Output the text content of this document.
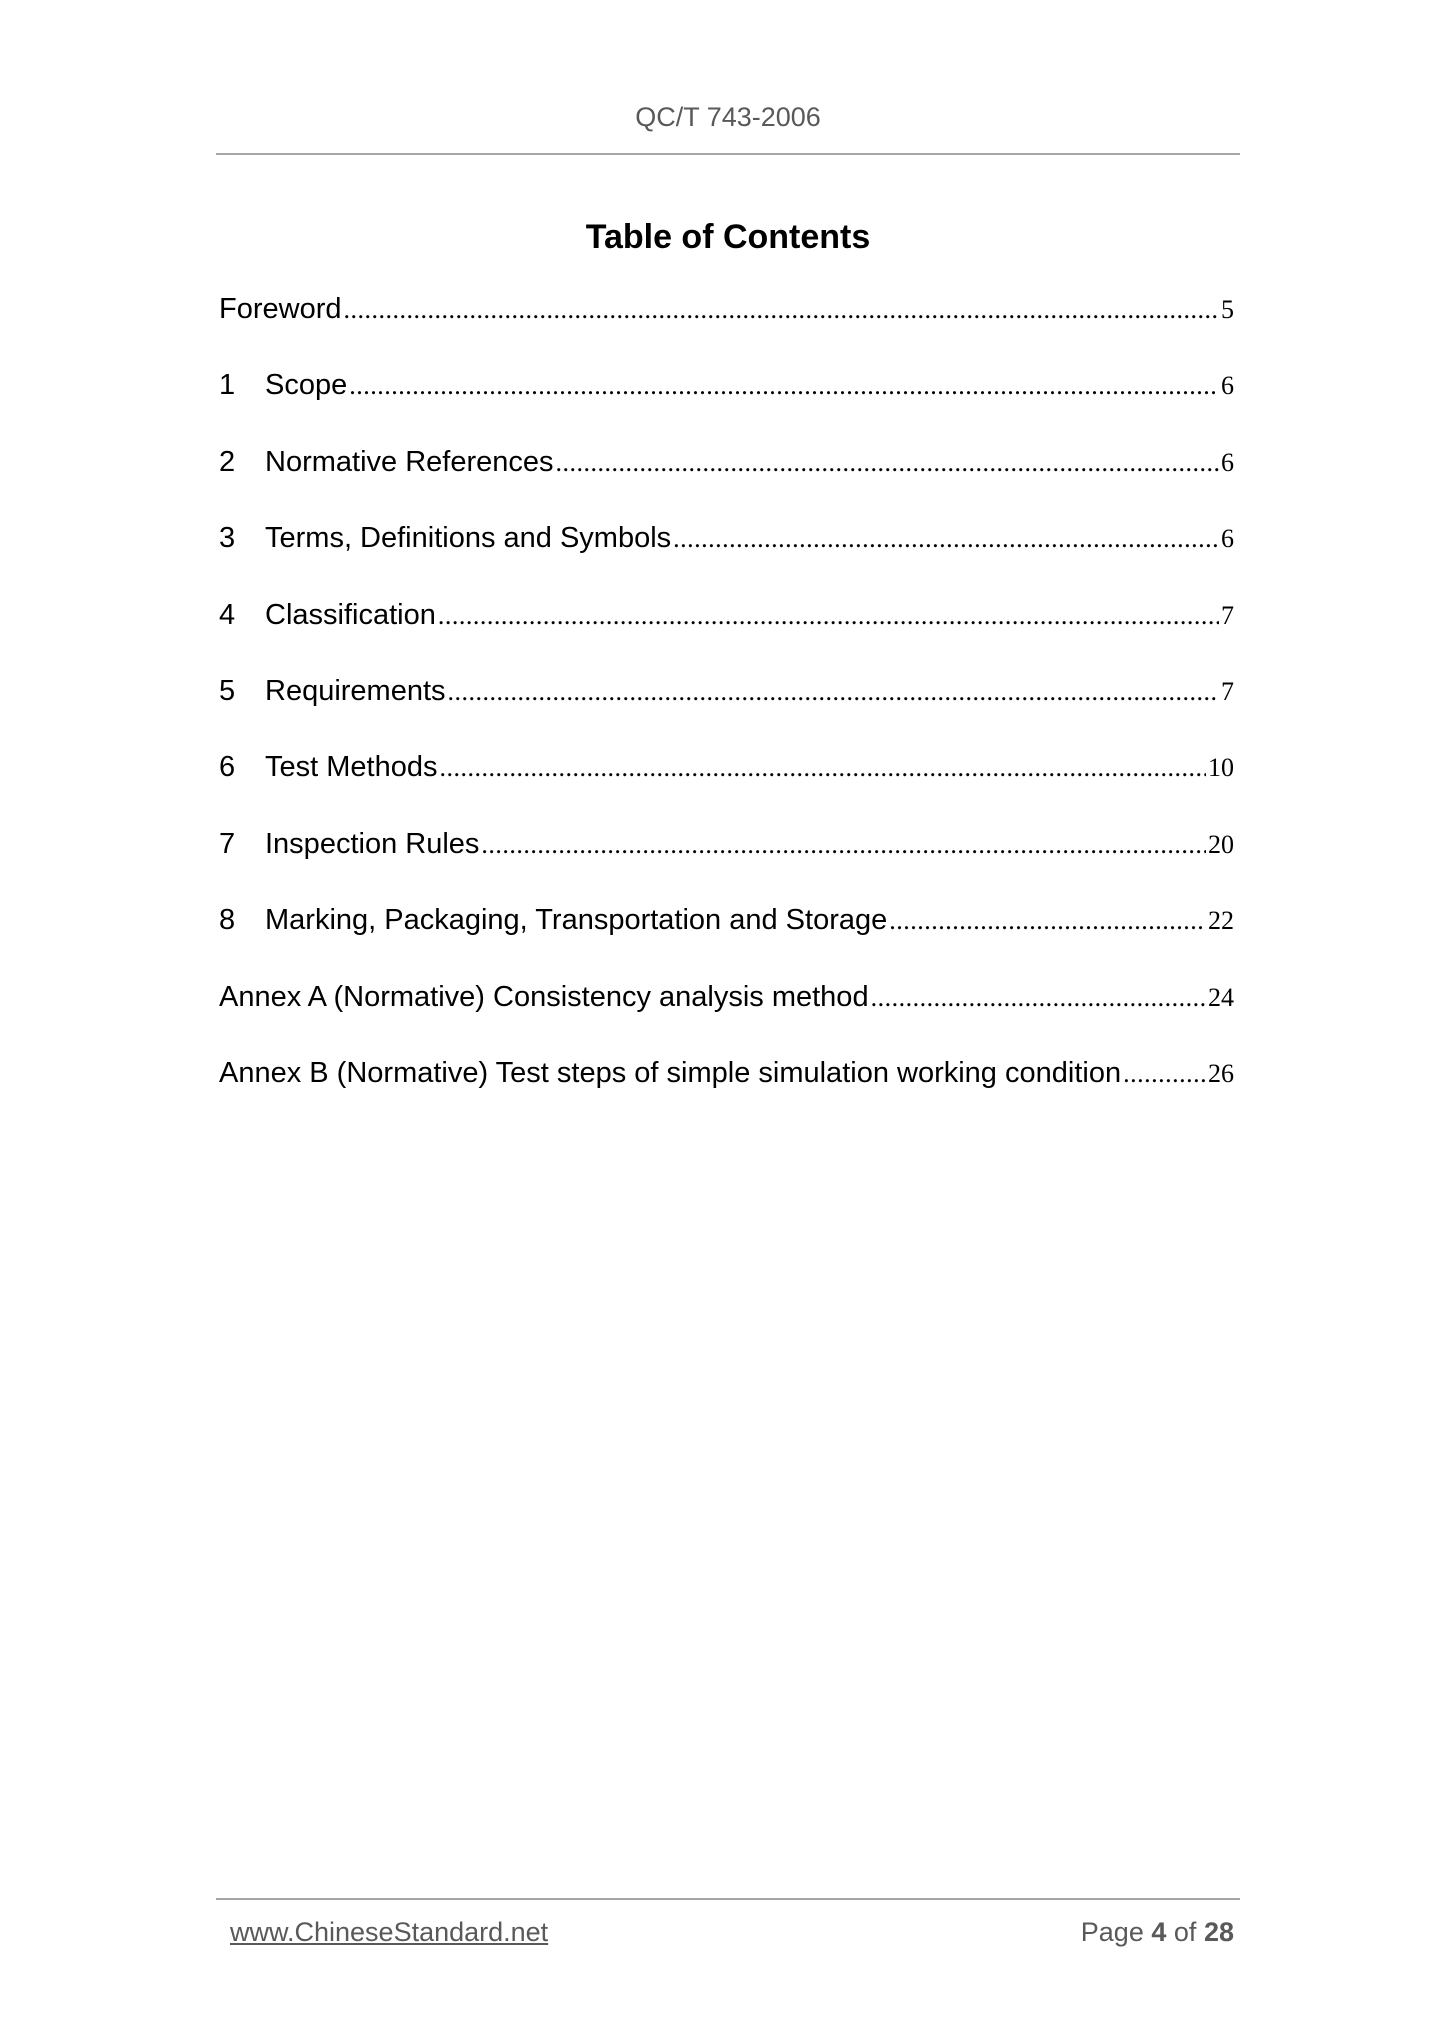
QC/T 743-2006
Table of Contents
Foreword .....	5
1	Scope .....	6
2	Normative References .....	6
3	Terms, Definitions and Symbols .....	6
4	Classification .....	7
5	Requirements .....	7
6	Test Methods .....	10
7	Inspection Rules .....	20
8	Marking, Packaging, Transportation and Storage .....	22
Annex A (Normative) Consistency analysis method .....	24
Annex B (Normative) Test steps of simple simulation working condition .....	26
www.ChineseStandard.net	Page 4 of 28
